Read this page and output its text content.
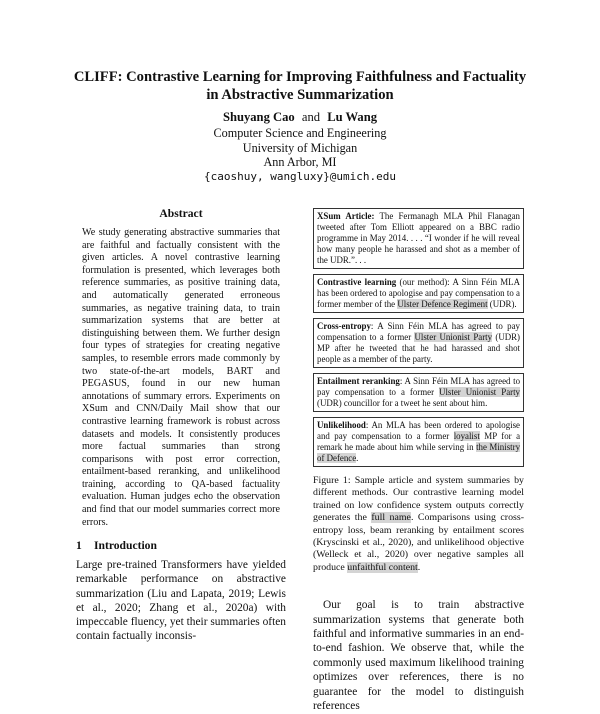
CLIFF: Contrastive Learning for Improving Faithfulness and Factuality
in Abstractive Summarization
Shuyang Cao and Lu Wang
Computer Science and Engineering
University of Michigan
Ann Arbor, MI
{caoshuy, wangluxy}@umich.edu
Abstract

We study generating abstractive summaries that are faithful and factually consistent with the given articles. A novel contrastive learning formulation is presented, which leverages both reference summaries, as positive training data, and automatically generated erroneous summaries, as negative training data, to train summarization systems that are better at distinguishing between them. We further design four types of strategies for creating negative samples, to resemble errors made commonly by two state-of-the-art models, BART and PEGASUS, found in our new human annotations of summary errors. Experiments on XSum and CNN/Daily Mail show that our contrastive learning framework is robust across datasets and models. It consistently produces more factual summaries than strong comparisons with post error correction, entailment-based reranking, and unlikelihood training, according to QA-based factuality evaluation. Human judges echo the observation and find that our model summaries correct more errors.

1 Introduction

Large pre-trained Transformers have yielded remarkable performance on abstractive summarization (Liu and Lapata, 2019; Lewis et al., 2020; Zhang et al., 2020a) with impeccable fluency, yet their summaries often contain factually inconsis-

XSum Article: The Fermanagh MLA Phil Flanagan tweeted after Tom Elliott appeared on a BBC radio programme in May 2014. . . . “I wonder if he will reveal how many people he harassed and shot as a member of the UDR.”. . .
Contrastive learning (our method): A Sinn Féin MLA has been ordered to apologise and pay compensation to a former member of the Ulster Defence Regiment (UDR).
Cross-entropy: A Sinn Féin MLA has agreed to pay compensation to a former Ulster Unionist Party (UDR) MP after he tweeted that he had harassed and shot people as a member of the party.
Entailment reranking: A Sinn Féin MLA has agreed to pay compensation to a former Ulster Unionist Party (UDR) councillor for a tweet he sent about him.
Unlikelihood: An MLA has been ordered to apologise and pay compensation to a former loyalist MP for a remark he made about him while serving in the Ministry of Defence.
Figure 1: Sample article and system summaries by different methods. Our contrastive learning model trained on low confidence system outputs correctly generates the full name. Comparisons using cross-entropy loss, beam reranking by entailment scores (Kryscinski et al., 2020), and unlikelihood objective (Welleck et al., 2020) over negative samples all produce unfaithful content.
Our goal is to train abstractive summarization systems that generate both faithful and informative summaries in an end-to-end fashion. We observe that, while the commonly used maximum likelihood training optimizes over references, there is no guarantee for the model to distinguish references
